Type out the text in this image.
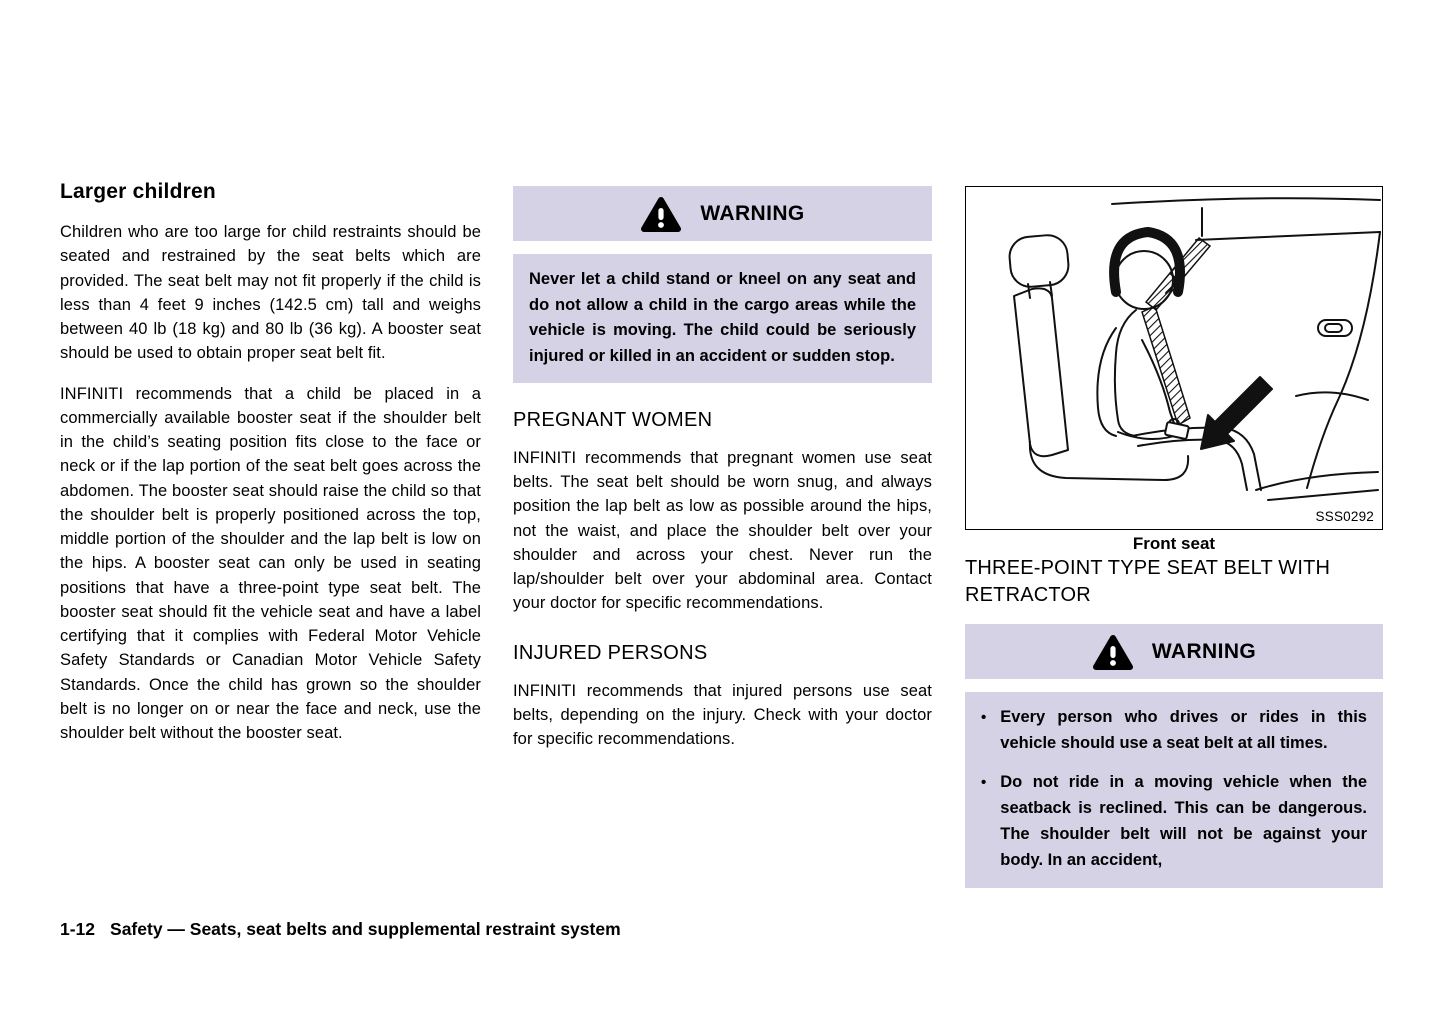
Larger children

Children who are too large for child restraints should be seated and restrained by the seat belts which are provided. The seat belt may not fit properly if the child is less than 4 feet 9 inches (142.5 cm) tall and weighs between 40 lb (18 kg) and 80 lb (36 kg). A booster seat should be used to obtain proper seat belt fit.

INFINITI recommends that a child be placed in a commercially available booster seat if the shoulder belt in the child’s seating position fits close to the face or neck or if the lap portion of the seat belt goes across the abdomen. The booster seat should raise the child so that the shoulder belt is properly positioned across the top, middle portion of the shoulder and the lap belt is low on the hips. A booster seat can only be used in seating positions that have a three-point type seat belt. The booster seat should fit the vehicle seat and have a label certifying that it complies with Federal Motor Vehicle Safety Standards or Canadian Motor Vehicle Safety Standards. Once the child has grown so the shoulder belt is no longer on or near the face and neck, use the shoulder belt without the booster seat.

WARNING

Never let a child stand or kneel on any seat and do not allow a child in the cargo areas while the vehicle is moving. The child could be seriously injured or killed in an accident or sudden stop.

PREGNANT WOMEN

INFINITI recommends that pregnant women use seat belts. The seat belt should be worn snug, and always position the lap belt as low as possible around the hips, not the waist, and place the shoulder belt over your shoulder and across your chest. Never run the lap/shoulder belt over your abdominal area. Contact your doctor for specific recommendations.

INJURED PERSONS

INFINITI recommends that injured persons use seat belts, depending on the injury. Check with your doctor for specific recommendations.

SSS0292
Front seat
THREE-POINT TYPE SEAT BELT WITH RETRACTOR
WARNING
• Every person who drives or rides in this vehicle should use a seat belt at all times.

• Do not ride in a moving vehicle when the seatback is reclined. This can be dangerous. The shoulder belt will not be against your body. In an accident,

1-12 Safety — Seats, seat belts and supplemental restraint system
